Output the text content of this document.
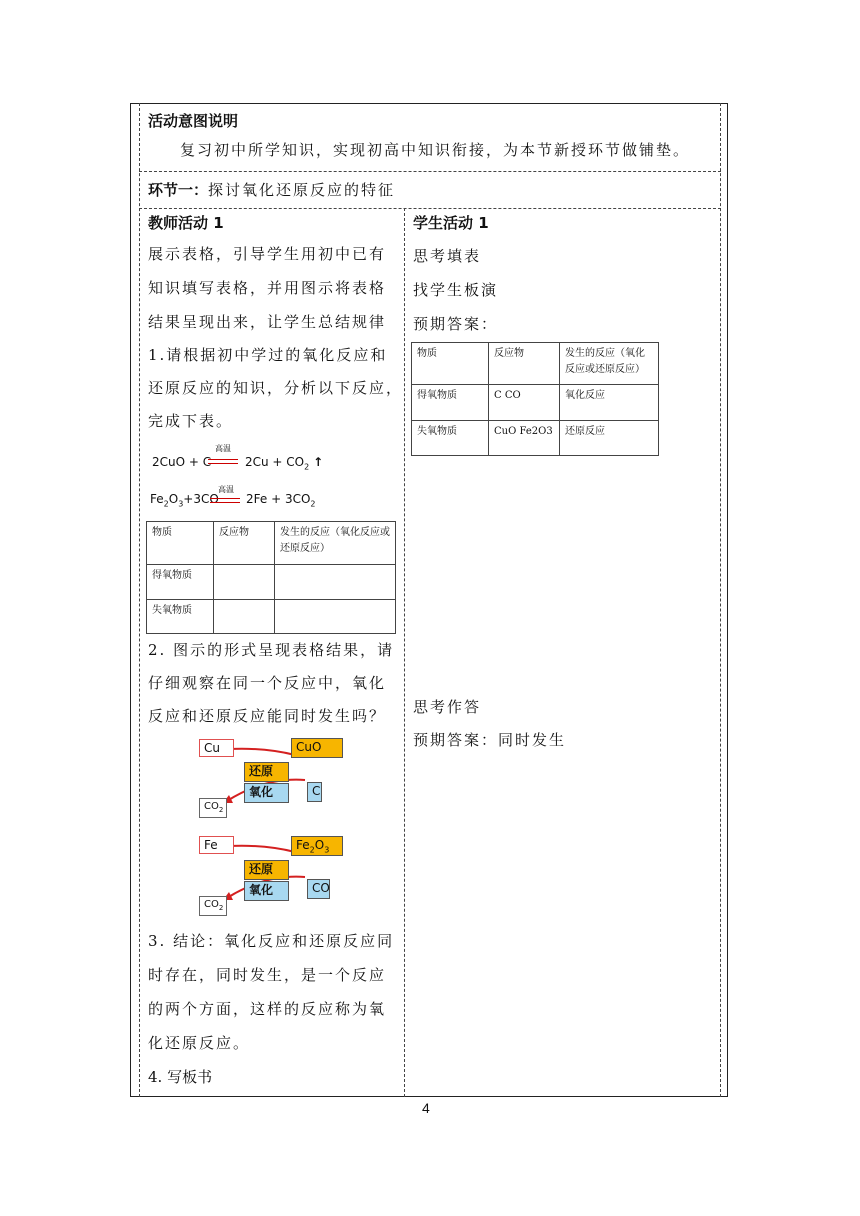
活动意图说明
复习初中所学知识，实现初高中知识衔接，为本节新授环节做铺垫。
环节一：探讨氧化还原反应的特征
教师活动 1
展示表格，引导学生用初中已有
知识填写表格，并用图示将表格
结果呈现出来，让学生总结规律
1.请根据初中学过的氧化反应和
还原反应的知识，分析以下反应，
完成下表。
2CuO + C
高温
$2Cu + CO_2$ ↑
$Fe_2O_3+3CO$
高温
$2Fe + 3CO_2$
物质	反应物	发生的反应（氧化反应或还原反应）
得氧物质		
失氧物质		
2. 图示的形式呈现表格结果，请
仔细观察在同一个反应中，氧化
反应和还原反应能同时发生吗？
Cu	CuO
还原
氧化	C
$CO_2$
Fe	$Fe_2O_3$
还原
氧化	CO
$CO_2$
3. 结论：氧化反应和还原反应同
时存在，同时发生，是一个反应
的两个方面，这样的反应称为氧
化还原反应。
4. 写板书
学生活动 1
思考填表
找学生板演
预期答案：
物质	反应物	发生的反应（氧化反应或还原反应）
得氧物质	C CO	氧化反应
失氧物质	CuO Fe2O3	还原反应
思考作答
预期答案：同时发生
4
